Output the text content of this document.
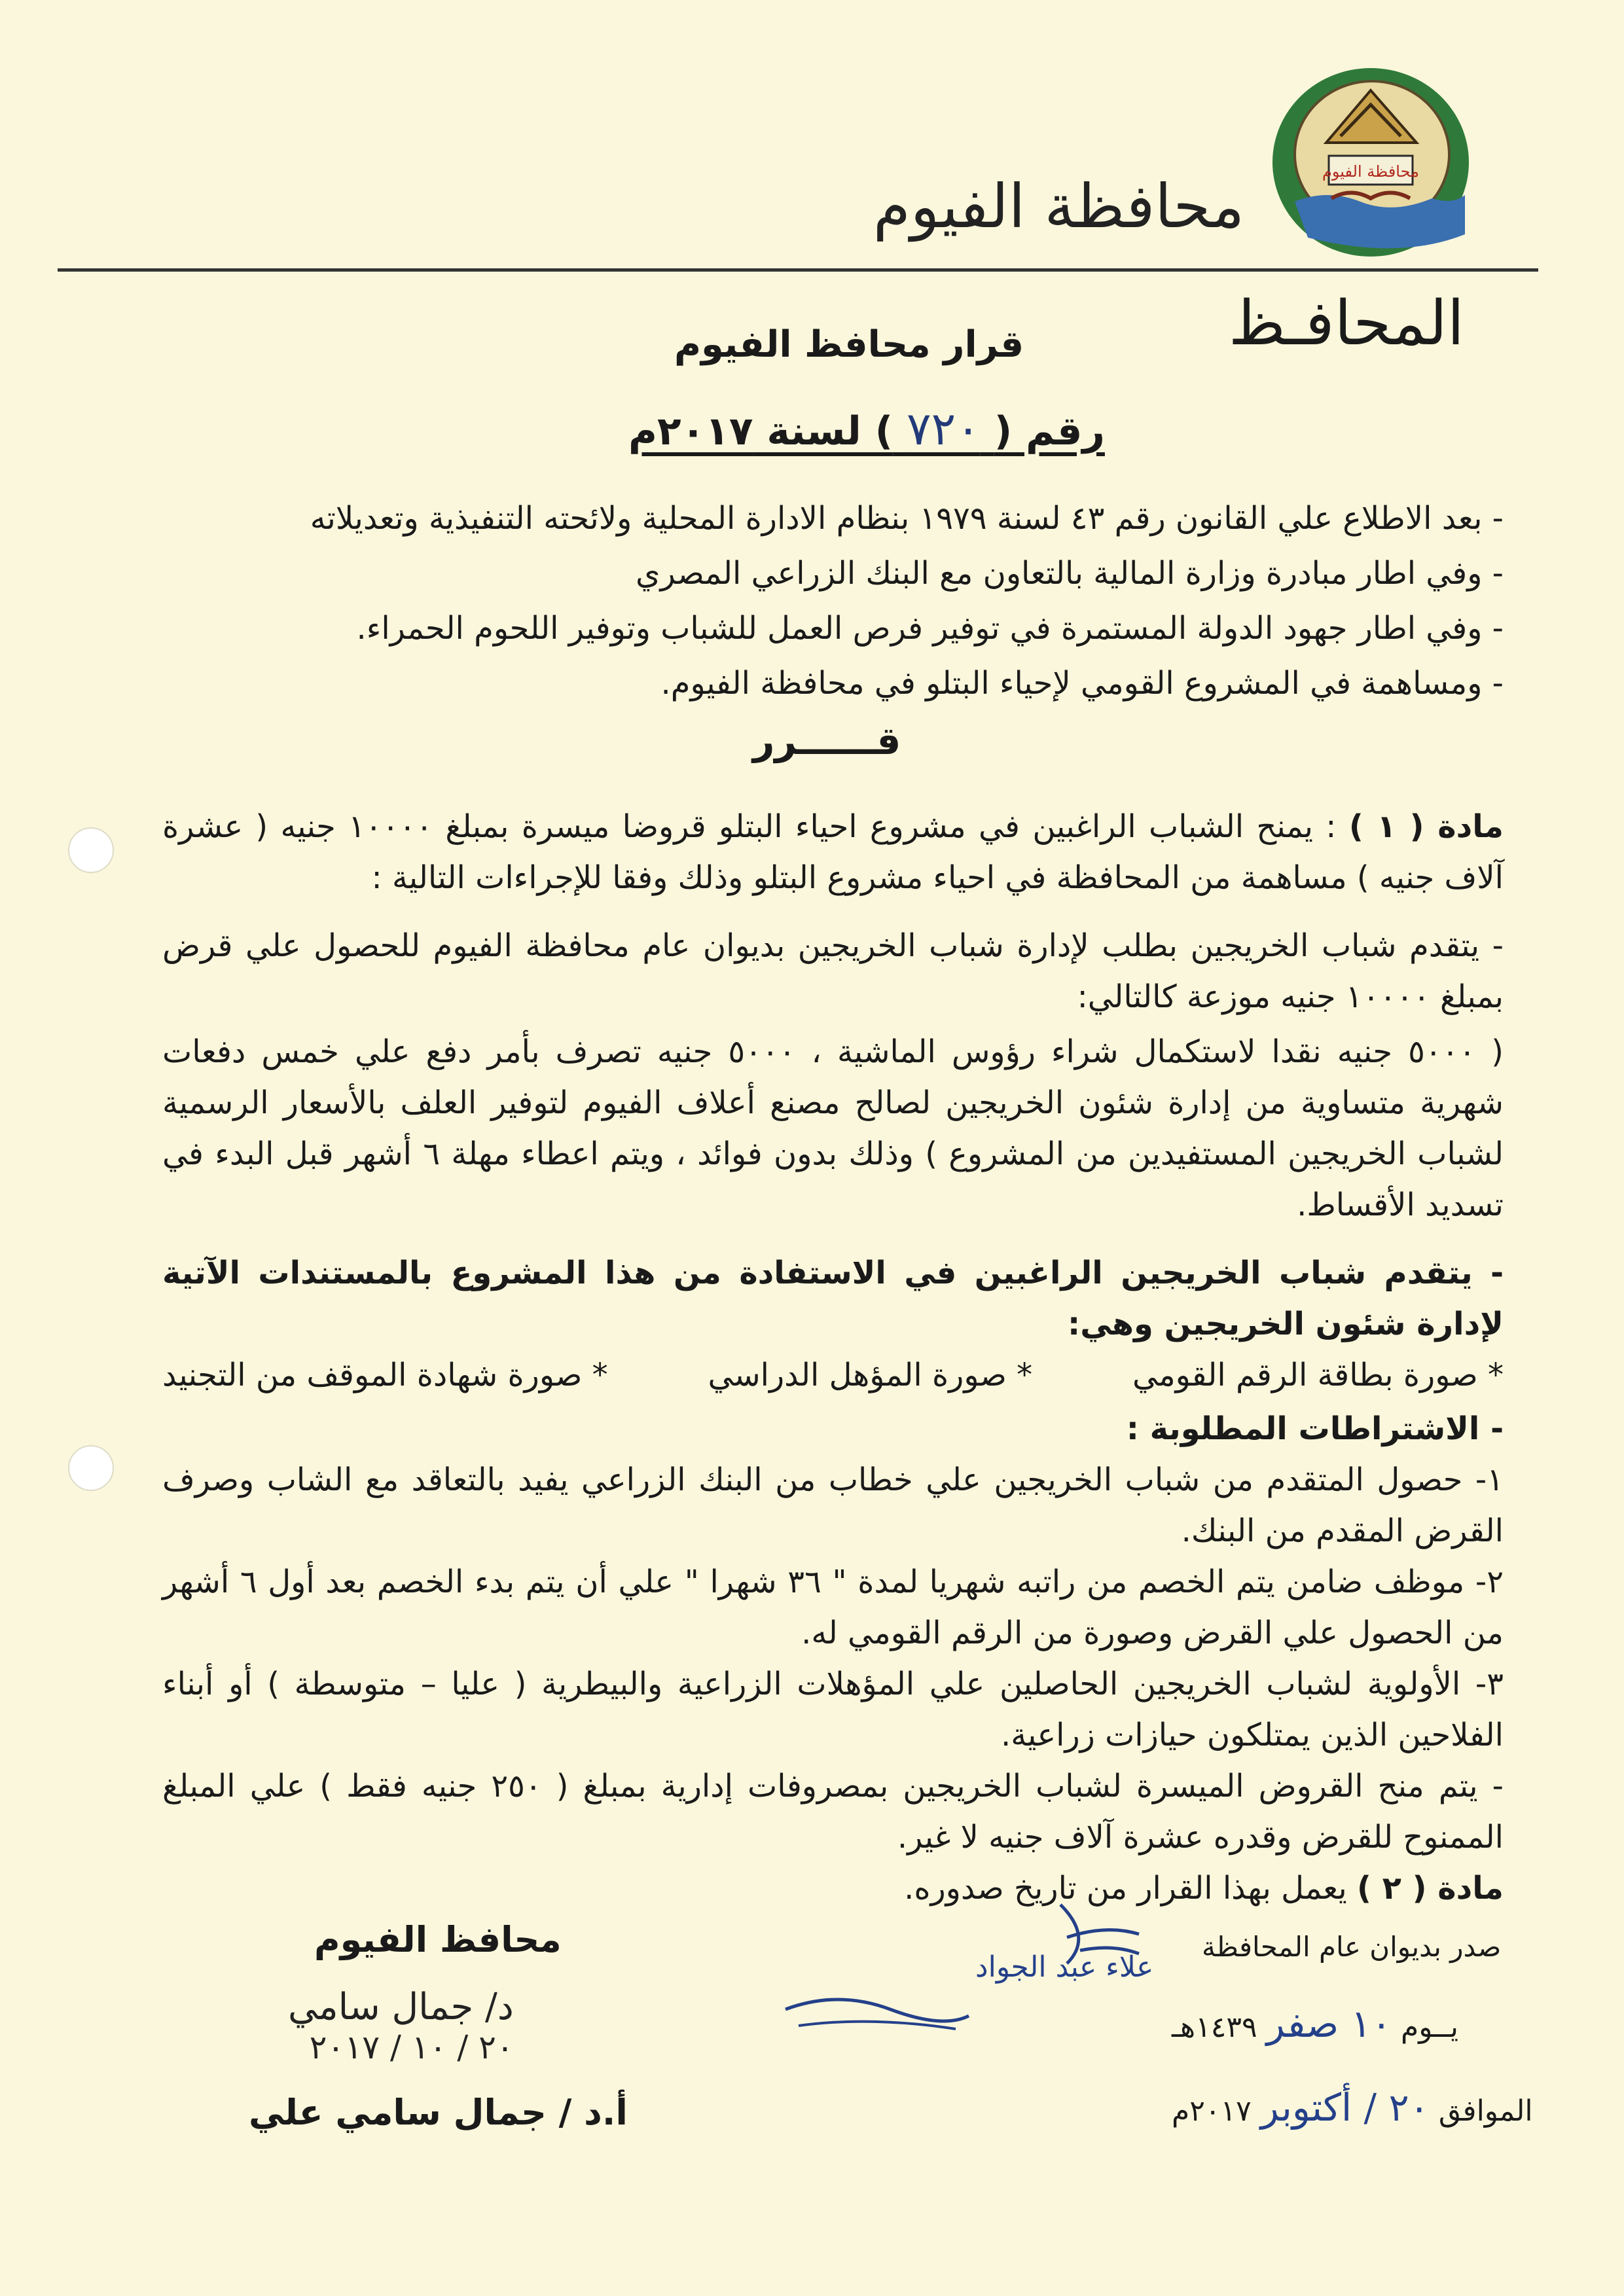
محافظة الفيوم
محافظة الفيوم
المحافـظ
قرار محافظ الفيوم
رقم ( ٧٢٠ ) لسنة ٢٠١٧م
- بعد الاطلاع علي القانون رقم ٤٣ لسنة ١٩٧٩ بنظام الادارة المحلية ولائحته التنفيذية وتعديلاته
- وفي اطار مبادرة وزارة المالية بالتعاون مع البنك الزراعي المصري
- وفي اطار جهود الدولة المستمرة في توفير فرص العمل للشباب وتوفير اللحوم الحمراء.
- ومساهمة في المشروع القومي لإحياء البتلو في محافظة الفيوم.
قــــــرر

مادة ( ١ ) : يمنح الشباب الراغبين في مشروع احياء البتلو قروضا ميسرة بمبلغ ١٠٠٠٠ جنيه ( عشرة آلاف جنيه ) مساهمة من المحافظة في احياء مشروع البتلو وذلك وفقا للإجراءات التالية :

- يتقدم شباب الخريجين بطلب لإدارة شباب الخريجين بديوان عام محافظة الفيوم للحصول علي قرض بمبلغ ١٠٠٠٠ جنيه موزعة كالتالي:

( ٥٠٠٠ جنيه نقدا لاستكمال شراء رؤوس الماشية ، ٥٠٠٠ جنيه تصرف بأمر دفع علي خمس دفعات شهرية متساوية من إدارة شئون الخريجين لصالح مصنع أعلاف الفيوم لتوفير العلف بالأسعار الرسمية لشباب الخريجين المستفيدين من المشروع ) وذلك بدون فوائد ، ويتم اعطاء مهلة ٦ أشهر قبل البدء في تسديد الأقساط.

- يتقدم شباب الخريجين الراغبين في الاستفادة من هذا المشروع بالمستندات الآتية لإدارة شئون الخريجين وهي:

* صورة بطاقة الرقم القومي
* صورة المؤهل الدراسي
* صورة شهادة الموقف من التجنيد

- الاشتراطات المطلوبة :

١- حصول المتقدم من شباب الخريجين علي خطاب من البنك الزراعي يفيد بالتعاقد مع الشاب وصرف القرض المقدم من البنك.

٢- موظف ضامن يتم الخصم من راتبه شهريا لمدة " ٣٦ شهرا " علي أن يتم بدء الخصم بعد أول ٦ أشهر من الحصول علي القرض وصورة من الرقم القومي له.

٣- الأولوية لشباب الخريجين الحاصلين علي المؤهلات الزراعية والبيطرية ( عليا – متوسطة ) أو أبناء الفلاحين الذين يمتلكون حيازات زراعية.

- يتم منح القروض الميسرة لشباب الخريجين بمصروفات إدارية بمبلغ ( ٢٥٠ جنيه فقط ) علي المبلغ الممنوح للقرض وقدره عشرة آلاف جنيه لا غير.

مادة ( ٢ ) يعمل بهذا القرار من تاريخ صدوره.

محافظ الفيوم
د/ جمال سامي
٢٠ / ١٠ / ٢٠١٧
أ.د / جمال سامي علي
علاء عبد الجواد
صدر بديوان عام المحافظة
يــوم ١٠ صفر ١٤٣٩هـ
الموافق ٢٠ / أكتوبر ٢٠١٧م
